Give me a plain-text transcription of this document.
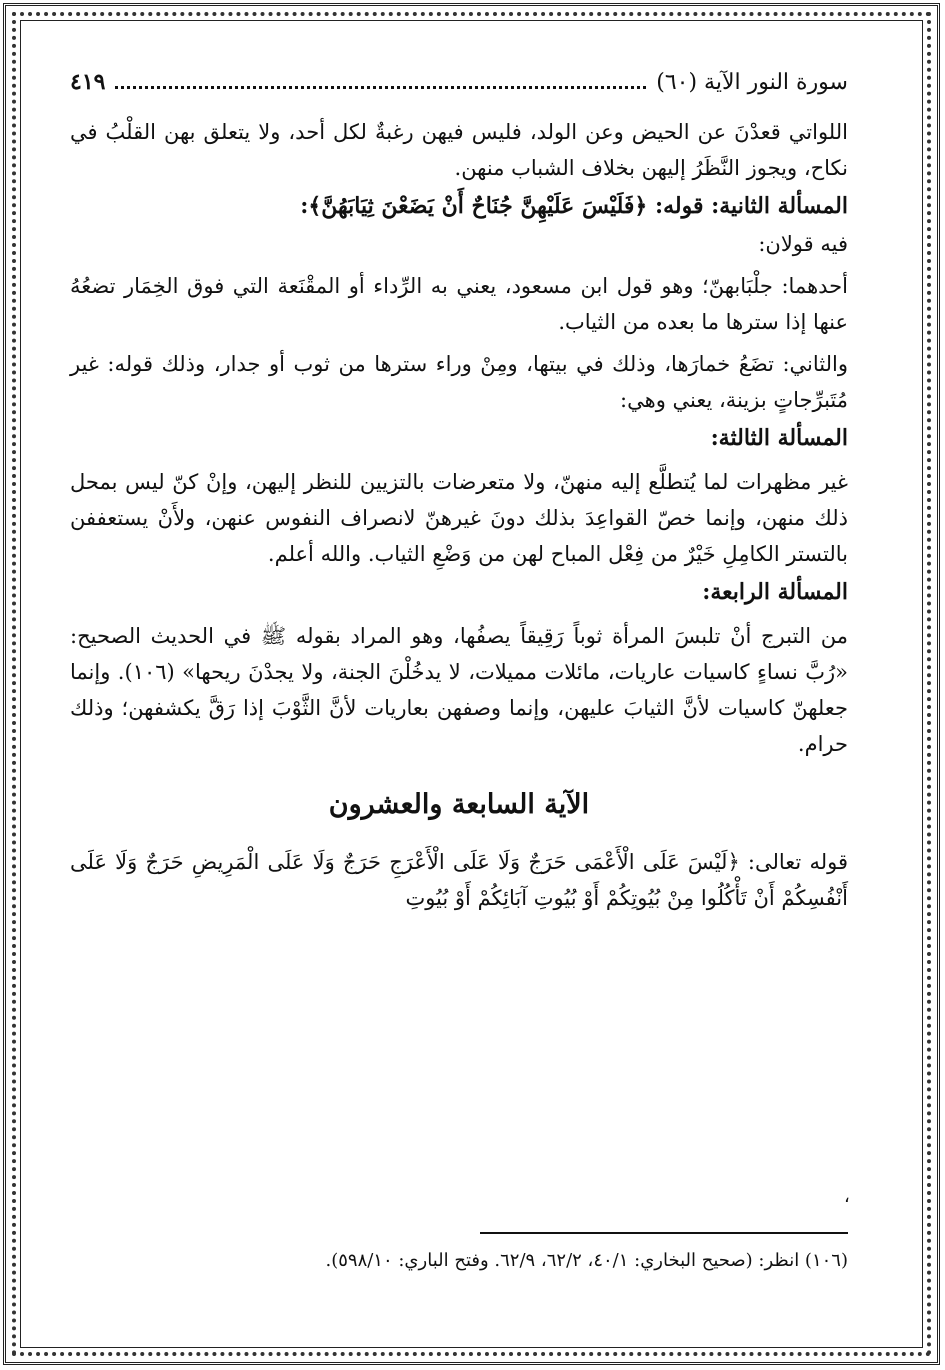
سورة النور الآية (٦٠)
٤١٩

اللواتي قعدْنَ عن الحيض وعن الولد، فليس فيهن رغبةٌ لكل أحد، ولا يتعلق بهن القلْبُ في نكاح، ويجوز النَّظَرُ إليهن بخلاف الشباب منهن.

المسألة الثانية: قوله: ﴿فَلَيْسَ عَلَيْهِنَّ جُنَاحٌ أَنْ يَضَعْنَ ثِيَابَهُنَّ﴾:

فيه قولان:

أحدهما: جلْبَابهنّ؛ وهو قول ابن مسعود، يعني به الرِّداء أو المقْنَعة التي فوق الخِمَار تضعُهُ عنها إذا سترها ما بعده من الثياب.

والثاني: تضَعُ خمارَها، وذلك في بيتها، ومِنْ وراء سترها من ثوب أو جدار، وذلك قوله: غير مُتَبرِّجاتٍ بزينة، يعني وهي:

المسألة الثالثة:

غير مظهرات لما يُتطلَّع إليه منهنّ، ولا متعرضات بالتزيين للنظر إليهن، وإنْ كنّ ليس بمحل ذلك منهن، وإنما خصّ القواعِدَ بذلك دونَ غيرهنّ لانصراف النفوس عنهن، ولأَنْ يستعففن بالتستر الكامِلِ خَيْرٌ من فِعْل المباح لهن من وَضْعِ الثياب. والله أعلم.

المسألة الرابعة:

من التبرج أنْ تلبسَ المرأة ثوباً رَقِيقاً يصفُها، وهو المراد بقوله ﷺ في الحديث الصحيح: «رُبَّ نساءٍ كاسيات عاريات، مائلات مميلات، لا يدخُلْنَ الجنة، ولا يجدْنَ ريحها» (١٠٦). وإنما جعلهنّ كاسيات لأنَّ الثيابَ عليهن، وإنما وصفهن بعاريات لأنَّ الثَّوْبَ إذا رَقَّ يكشفهن؛ وذلك حرام.

الآية السابعة والعشرون

قوله تعالى: ﴿لَيْسَ عَلَى الْأَعْمَى حَرَجٌ وَلَا عَلَى الْأَعْرَجِ حَرَجٌ وَلَا عَلَى الْمَرِيضِ حَرَجٌ وَلَا عَلَى أَنْفُسِكُمْ أَنْ تَأْكُلُوا مِنْ بُيُوتِكُمْ أَوْ بُيُوتِ آبَائِكُمْ أَوْ بُيُوتِ

(١٠٦) انظر: (صحيح البخاري: ٤٠/١، ٦٢/٢، ٦٢/٩. وفتح الباري: ٥٩٨/١٠).
،
